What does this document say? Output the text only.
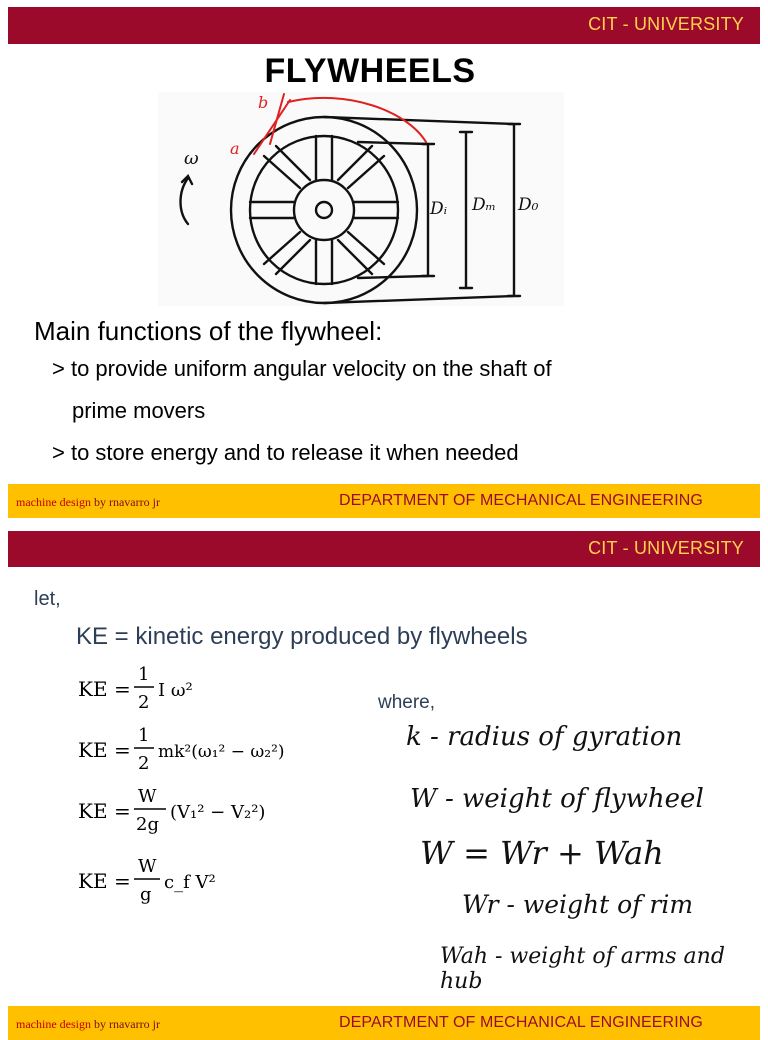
CIT - UNIVERSITY
FLYWHEELS
ω a
b
Dᵢ Dₘ D₀
Main functions of the flywheel:
> to provide uniform angular velocity on the shaft of
prime movers
> to store energy and to release it when needed
machine design by rnavarro jr	DEPARTMENT OF MECHANICAL ENGINEERING
CIT - UNIVERSITY
let,
KE = kinetic energy produced by flywheels
where,
KE =
1
2
I ω²
KE =
1
2
mk²(ω₁² − ω₂²)
KE =
W
2g
(V₁² − V₂²)
KE =
W
g
c_f V²
k - radius of gyration
W - weight of flywheel
W = Wr + Wah
Wr - weight of rim
Wah - weight of arms and hub
machine design by rnavarro jr	DEPARTMENT OF MECHANICAL ENGINEERING
